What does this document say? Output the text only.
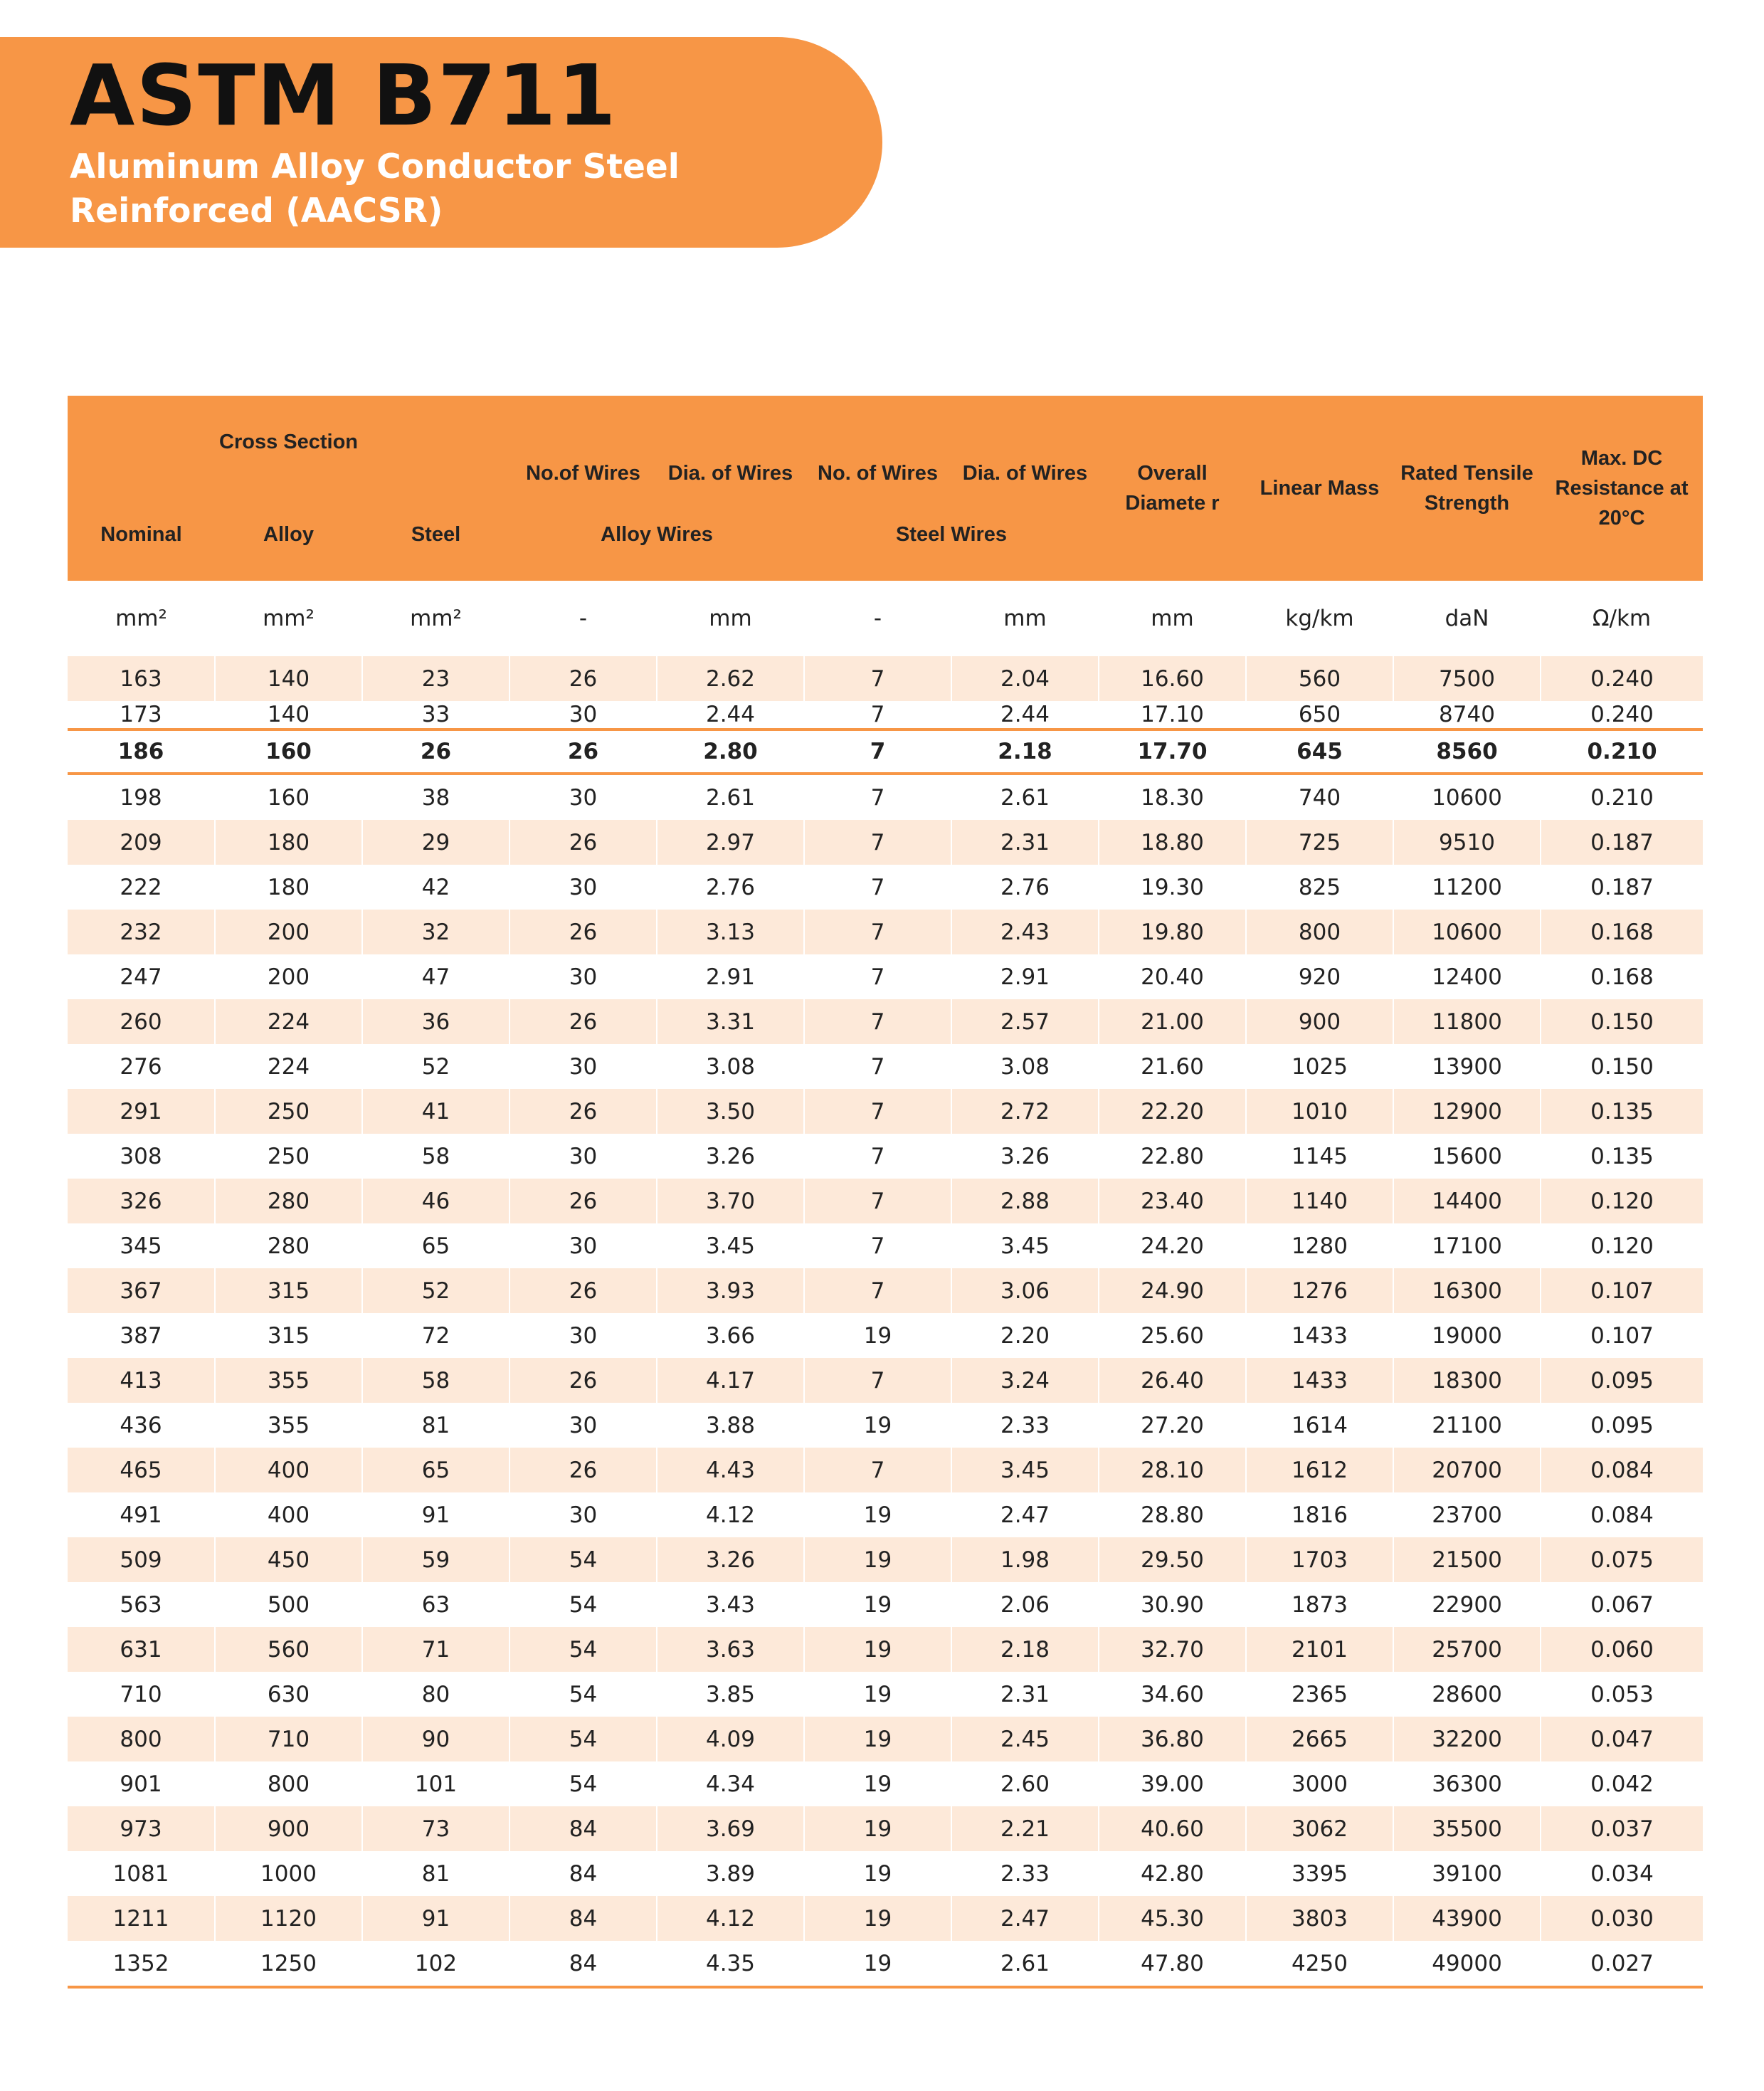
ASTM B711
Aluminum Alloy Conductor Steel
Reinforced (AACSR)
Cross Section			No.of Wires	Dia. of Wires	No. of Wires	Dia. of Wires	Overall Diamete r	Linear Mass	Rated Tensile Strength	Max. DC Resistance at 20°C
Nominal	Alloy	Steel	Alloy Wires		Steel Wires					
mm²	mm²	mm²	-	mm	-	mm	mm	kg/km	daN	Ω/km
163	140	23	26	2.62	7	2.04	16.60	560	7500	0.240
173	140	33	30	2.44	7	2.44	17.10	650	8740	0.240
186	160	26	26	2.80	7	2.18	17.70	645	8560	0.210
198	160	38	30	2.61	7	2.61	18.30	740	10600	0.210
209	180	29	26	2.97	7	2.31	18.80	725	9510	0.187
222	180	42	30	2.76	7	2.76	19.30	825	11200	0.187
232	200	32	26	3.13	7	2.43	19.80	800	10600	0.168
247	200	47	30	2.91	7	2.91	20.40	920	12400	0.168
260	224	36	26	3.31	7	2.57	21.00	900	11800	0.150
276	224	52	30	3.08	7	3.08	21.60	1025	13900	0.150
291	250	41	26	3.50	7	2.72	22.20	1010	12900	0.135
308	250	58	30	3.26	7	3.26	22.80	1145	15600	0.135
326	280	46	26	3.70	7	2.88	23.40	1140	14400	0.120
345	280	65	30	3.45	7	3.45	24.20	1280	17100	0.120
367	315	52	26	3.93	7	3.06	24.90	1276	16300	0.107
387	315	72	30	3.66	19	2.20	25.60	1433	19000	0.107
413	355	58	26	4.17	7	3.24	26.40	1433	18300	0.095
436	355	81	30	3.88	19	2.33	27.20	1614	21100	0.095
465	400	65	26	4.43	7	3.45	28.10	1612	20700	0.084
491	400	91	30	4.12	19	2.47	28.80	1816	23700	0.084
509	450	59	54	3.26	19	1.98	29.50	1703	21500	0.075
563	500	63	54	3.43	19	2.06	30.90	1873	22900	0.067
631	560	71	54	3.63	19	2.18	32.70	2101	25700	0.060
710	630	80	54	3.85	19	2.31	34.60	2365	28600	0.053
800	710	90	54	4.09	19	2.45	36.80	2665	32200	0.047
901	800	101	54	4.34	19	2.60	39.00	3000	36300	0.042
973	900	73	84	3.69	19	2.21	40.60	3062	35500	0.037
1081	1000	81	84	3.89	19	2.33	42.80	3395	39100	0.034
1211	1120	91	84	4.12	19	2.47	45.30	3803	43900	0.030
1352	1250	102	84	4.35	19	2.61	47.80	4250	49000	0.027
